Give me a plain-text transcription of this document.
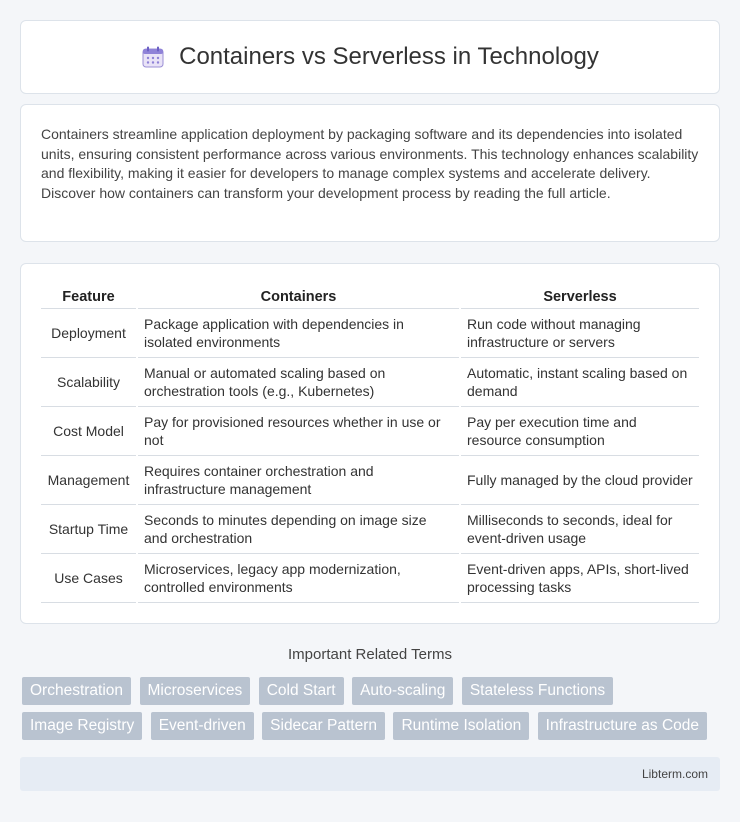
Containers vs Serverless in Technology

Containers streamline application deployment by packaging software and its dependencies into isolated units, ensuring consistent performance across various environments. This technology enhances scalability and flexibility, making it easier for developers to manage complex systems and accelerate delivery. Discover how containers can transform your development process by reading the full article.

Feature	Containers	Serverless
Deployment	Package application with dependencies in isolated environments	Run code without managing infrastructure or servers
Scalability	Manual or automated scaling based on orchestration tools (e.g., Kubernetes)	Automatic, instant scaling based on demand
Cost Model	Pay for provisioned resources whether in use or not	Pay per execution time and resource consumption
Management	Requires container orchestration and infrastructure management	Fully managed by the cloud provider
Startup Time	Seconds to minutes depending on image size and orchestration	Milliseconds to seconds, ideal for event-driven usage
Use Cases	Microservices, legacy app modernization, controlled environments	Event-driven apps, APIs, short-lived processing tasks
Important Related Terms
Orchestration Microservices Cold Start Auto-scaling Stateless Functions Image Registry Event-driven Sidecar Pattern Runtime Isolation Infrastructure as Code
Libterm.com
